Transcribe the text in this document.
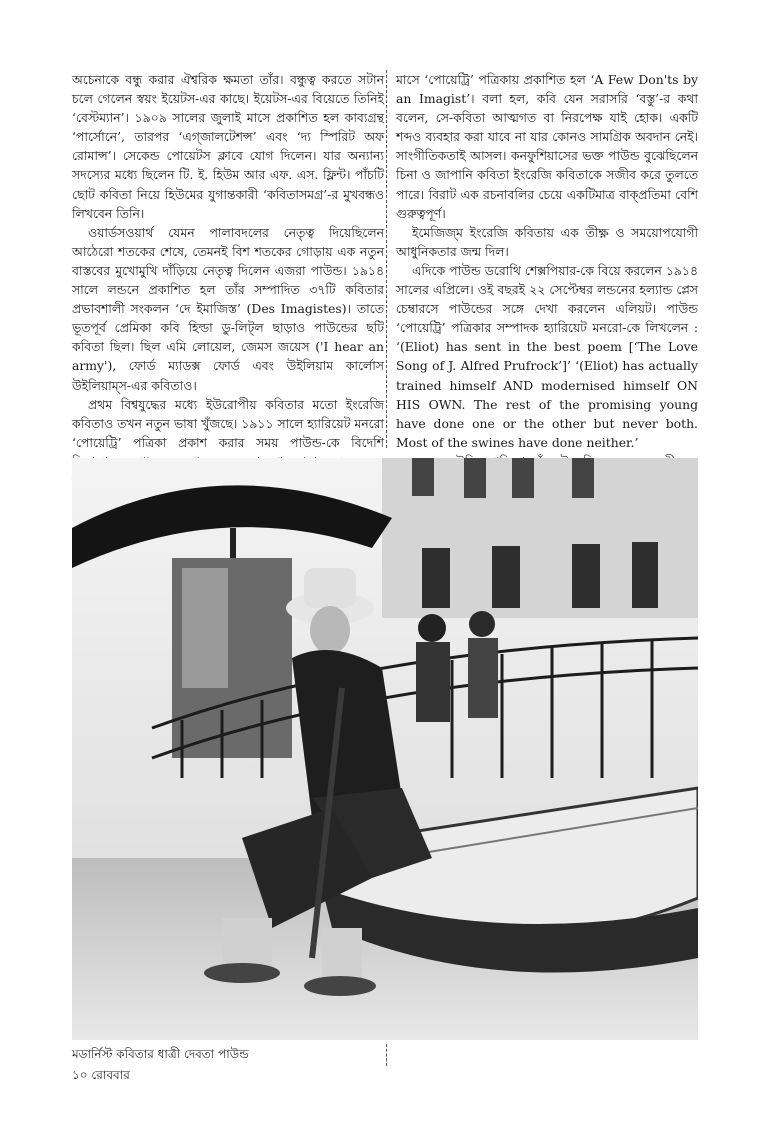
অচেনাকে বন্ধু করার ঐশ্বরিক ক্ষমতা তাঁর। বন্ধুত্ব করতে সটান চলে গেলেন স্বয়ং ইয়েটস-এর কাছে। ইয়েটস-এর বিয়েতে তিনিই ‘বেস্টম্যান’। ১৯০৯ সালের জুলাই মাসে প্রকাশিত হল কাব্যগ্রন্থ ‘পার্সোনে’, তারপর ‘এগ্জালটেশন্স’ এবং ‘দ্য স্পিরিট অফ রোমান্স’। সেকেন্ড পোয়েটস ক্লাবে যোগ দিলেন। যার অন্যান্য সদস্যের মধ্যে ছিলেন টি. ই. হিউম আর এফ. এস. ফ্লিন্ট। পাঁচটি ছোট কবিতা নিয়ে হিউমের যুগান্তকারী ‘কবিতাসমগ্র’-র মুখবন্ধও লিখবেন তিনি।

ওয়ার্ডসওয়ার্থ যেমন পালাবদলের নেতৃত্ব দিয়েছিলেন আঠেরো শতকের শেষে, তেমনই বিশ শতকের গোড়ায় এক নতুন বাস্তবের মুখোমুখি দাঁড়িয়ে নেতৃত্ব দিলেন এজরা পাউন্ড। ১৯১৪ সালে লন্ডনে প্রকাশিত হল তাঁর সম্পাদিত ৩৭টি কবিতার প্রভাবশালী সংকলন ‘দে ইমাজিস্ত’ (Des Imagistes)। তাতে ভূতপূর্ব প্রেমিকা কবি হিল্ডা ডু-লিট্ল ছাড়াও পাউন্ডের ছটি কবিতা ছিল। ছিল এমি লোয়েল, জেমস জয়েস ('I hear an army'), ফোর্ড ম্যাডক্স ফোর্ড এবং উইলিয়াম কার্লোস উইলিয়াম্স-এর কবিতাও।

প্রথম বিশ্বযুদ্ধের মধ্যে ইউরোপীয় কবিতার মতো ইংরেজি কবিতাও তখন নতুন ভাষা খুঁজছে। ১৯১১ সালে হ্যারিয়েট মনরো ‘পোয়েট্রি’ পত্রিকা প্রকাশ করার সময় পাউন্ড-কে বিদেশি

মাসে ‘পোয়েট্রি’ পত্রিকায় প্রকাশিত হল ‘A Few Don'ts by an Imagist’। বলা হল, কবি যেন সরাসরি ‘বস্তু’-র কথা বলেন, সে-কবিতা আত্মগত বা নিরপেক্ষ যাই হোক। একটি শব্দও ব্যবহার করা যাবে না যার কোনও সামগ্রিক অবদান নেই। সাংগীতিকতাই আসল। কনফুশিয়াসের ভক্ত পাউন্ড বুঝেছিলেন চিনা ও জাপানি কবিতা ইংরেজি কবিতাকে সজীব করে তুলতে পারে। বিরাট এক রচনাবলির চেয়ে একটিমাত্র বাক্প্রতিমা বেশি গুরুত্বপূর্ণ।

ইমেজিজ্‌ম ইংরেজি কবিতায় এক তীক্ষ্ণ ও সময়োপযোগী আধুনিকতার জন্ম দিল।

এদিকে পাউন্ড ডরোথি শেক্সপিয়ার-কে বিয়ে করলেন ১৯১৪ সালের এপ্রিলে। ওই বছরই ২২ সেপ্টেম্বর লন্ডনের হল্যান্ড প্লেস চেম্বারসে পাউন্ডের সঙ্গে দেখা করলেন এলিয়ট। পাউন্ড ‘পোয়েট্রি’ পত্রিকার সম্পাদক হ্যারিয়েট মনরো-কে লিখলেন : ‘(Eliot) has sent in the best poem [‘The Love Song of J. Alfred Prufrock’]’ ‘(Eliot) has actually trained himself AND modernised himself ON HIS OWN. The rest of the promising young have done one or the other but never both. Most of the swines have done neither.’

মডার্নিস্ট কবিতার ধাত্রী দেবতা পাউন্ড
১০ রোববার
